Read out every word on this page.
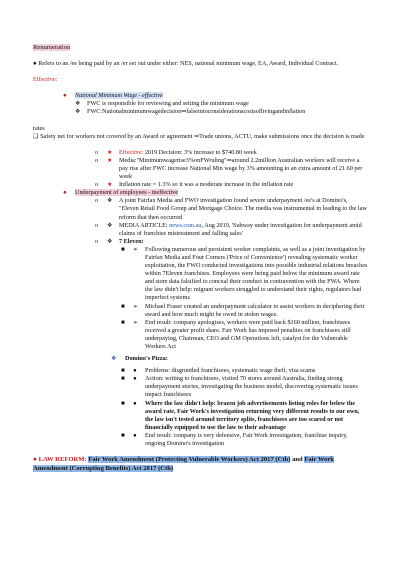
Renumeration

● Refers to an /ee being paid by an /er set out under either: NES, national minimum wage, EA, Award, Individual Contract.

Effective:

●	National Minimum Wage - effective
❖	FWC is responsible for reviewing and setting the minimum wage
❖	FWC:Nationalminimumwagedecision⇒falseintoconsiderationscostsoflivingandinflation

rates

❑ Safety net for workers not covered by an Award or agreement ⇒Trade unions, ACTU, make submissions once the decision is made

o	★	Effective: 2019 Decision: 3% increase to $740.80 week
o	★	Media:"Minimumwagerise3%onFWruling"⇒around 2.2million Australian workers will receive a pay rise after FWC increase National Min wage by 3% amounting to an extra amount of 21.60 per week
o	★	Inflation rate = 1.3% so it was a moderate increase in the inflation rate
●	Underpayment of employees - ineffective
o	❖	A joint Fairfax Media and FWO investigation found severe underpayment /ee's at Domino's, "Eleven Retail Food Group and Mortgage Choice. The media was instrumental in leading to the law reform that then occurred
o	❖	MEDIA ARTICLE: news.com.au, Aug 2019, 'Subway under investigation for underpayment amid claims of franchise mistreatment and falling sales'
o	❖	7 Eleven:
■	➢	Following numerous and persistent worker complaints, as well as a joint investigation by Fairfax Media and Four Corners ('Price of Convenience') revealing systematic worker exploitation, the FWO conducted investigations into possible industrial relations breaches within 7Eleven franchises. Employees were being paid below the minimum award rate and store data falsified to conceal their conduct in contravention with the FWA. Where the law didn't help: migrant workers struggled to understand their rights, regulators had imperfect systems
■	➢	Michael Fraser created an underpayment calculator to assist workers in deciphering their award and how much might be owed in stolen wages.
■	➢	End result: company apologises, workers were paid back $160 million, franchisees received a greater profit share. Fair Work has imposed penalties on franchisees still underpaying, Chairman, CEO and GM Operations left, catalyst for the Vulnerable Workers Act
❖	Domino's Pizza:
■	●	Problems: disgruntled franchisees, systematic wage theft, visa scams
■	●	Action: writing to franchisees, visited 70 stores around Australia, finding strong underpayment stories, investigating the business model, discovering systematic issues impact franchisees
■	●	Where the law didn't help: brazen job advertisements listing roles for below the award rate, Fair Work's investigation returning very different results to our own, the law isn't tested around territory splits, franchisees are too scared or not financially equipped to use the law to their advantage
■	●	End result: company is very defensive, Fair Work investigation, franchise inquiry, ongoing Domino's investigation

● LAW REFORM: Fair Work Amendment (Protecting Vulnerable Workers) Act 2017 (Cth) and Fair Work Amendment (Corrupting Benefits) Act 2017 (Cth)
